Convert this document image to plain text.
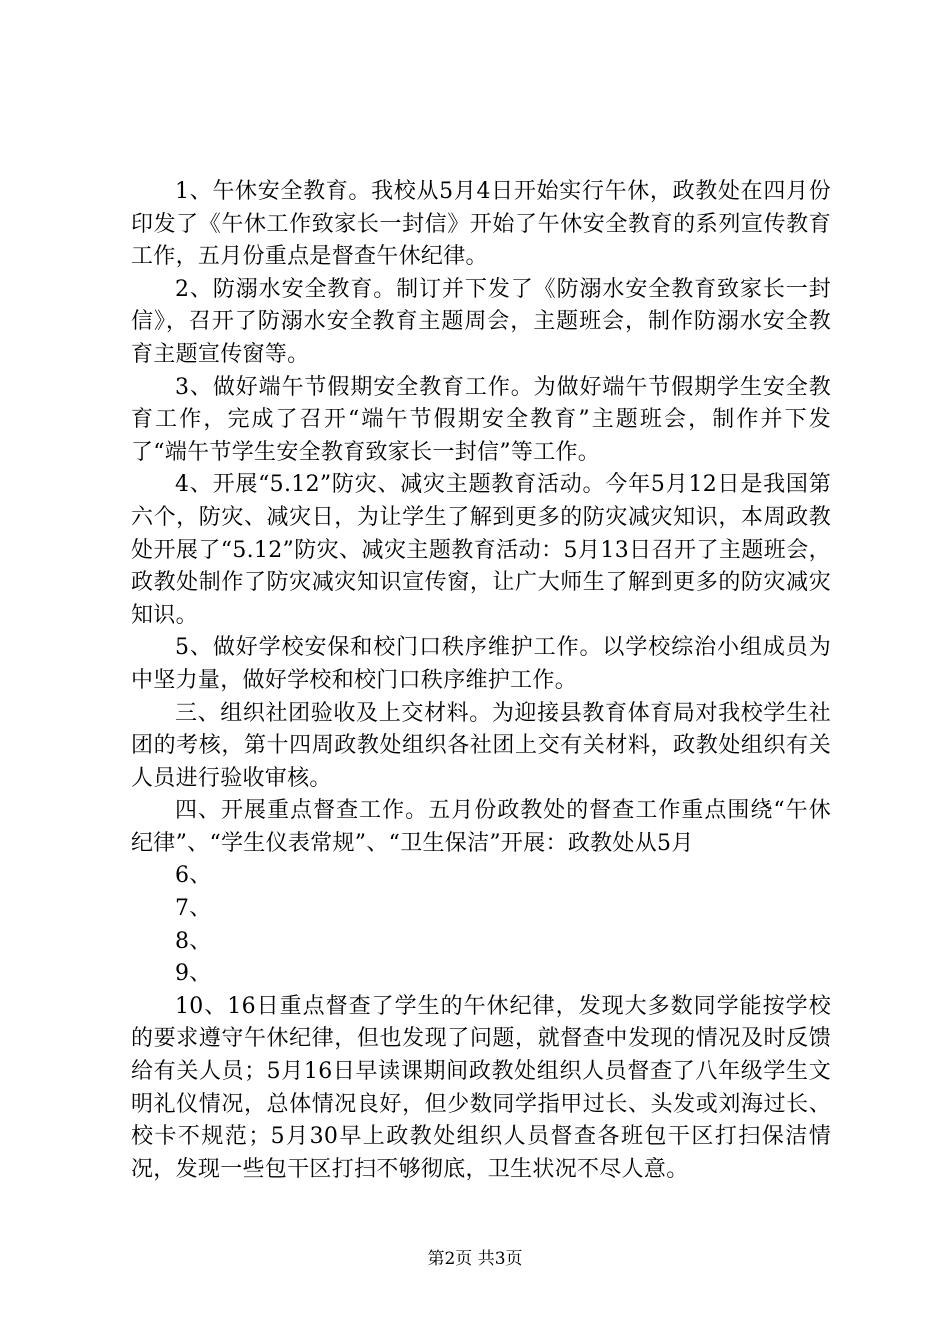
1、午休安全教育。我校从5月4日开始实行午休，政教处在四月份印发了《午休工作致家长一封信》开始了午休安全教育的系列宣传教育工作，五月份重点是督查午休纪律。

2、防溺水安全教育。制订并下发了《防溺水安全教育致家长一封信》，召开了防溺水安全教育主题周会，主题班会，制作防溺水安全教育主题宣传窗等。

3、做好端午节假期安全教育工作。为做好端午节假期学生安全教育工作，完成了召开“端午节假期安全教育”主题班会，制作并下发了“端午节学生安全教育致家长一封信”等工作。

4、开展“5.12”防灾、减灾主题教育活动。今年5月12日是我国第六个，防灾、减灾日，为让学生了解到更多的防灾减灾知识，本周政教处开展了“5.12”防灾、减灾主题教育活动：5月13日召开了主题班会，政教处制作了防灾减灾知识宣传窗，让广大师生了解到更多的防灾减灾知识。

5、做好学校安保和校门口秩序维护工作。以学校综治小组成员为中坚力量，做好学校和校门口秩序维护工作。

三、组织社团验收及上交材料。为迎接县教育体育局对我校学生社团的考核，第十四周政教处组织各社团上交有关材料，政教处组织有关人员进行验收审核。

四、开展重点督查工作。五月份政教处的督查工作重点围绕“午休纪律”、“学生仪表常规”、“卫生保洁”开展：政教处从5月

6、

7、

8、

9、

10、16日重点督查了学生的午休纪律，发现大多数同学能按学校的要求遵守午休纪律，但也发现了问题，就督查中发现的情况及时反馈给有关人员；5月16日早读课期间政教处组织人员督查了八年级学生文明礼仪情况，总体情况良好，但少数同学指甲过长、头发或刘海过长、校卡不规范；5月30早上政教处组织人员督查各班包干区打扫保洁情况，发现一些包干区打扫不够彻底，卫生状况不尽人意。

第2页 共3页
